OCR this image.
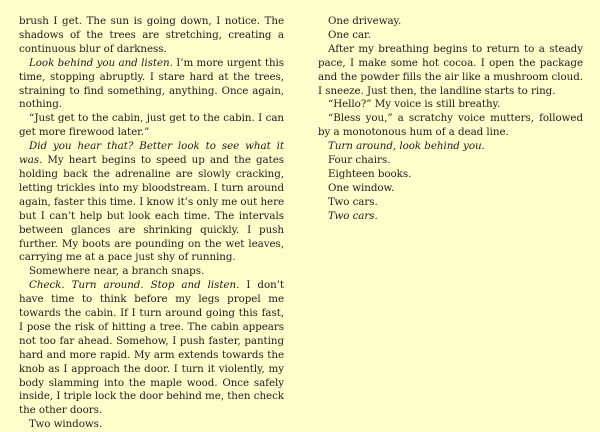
brush I get. The sun is going down, I notice. The shadows of the trees are stretching, creating a continuous blur of darkness.

Look behind you and listen. I’m more urgent this time, stopping abruptly. I stare hard at the trees, straining to find something, anything. Once again, nothing.

“Just get to the cabin, just get to the cabin. I can get more firewood later.”

Did you hear that? Better look to see what it was. My heart begins to speed up and the gates holding back the adrenaline are slowly cracking, letting trickles into my bloodstream. I turn around again, faster this time. I know it’s only me out here but I can’t help but look each time. The intervals between glances are shrinking quickly. I push further. My boots are pounding on the wet leaves, carrying me at a pace just shy of running.

Somewhere near, a branch snaps.

Check. Turn around. Stop and listen. I don’t have time to think before my legs propel me towards the cabin. If I turn around going this fast, I pose the risk of hitting a tree. The cabin appears not too far ahead. Somehow, I push faster, panting hard and more rapid. My arm extends towards the knob as I approach the door. I turn it violently, my body slamming into the maple wood. Once safely inside, I triple lock the door behind me, then check the other doors.

Two windows.

One driveway.

One car.

After my breathing begins to return to a steady pace, I make some hot cocoa. I open the package and the powder fills the air like a mushroom cloud. I sneeze. Just then, the landline starts to ring.

“Hello?” My voice is still breathy.

“Bless you,” a scratchy voice mutters, followed by a monotonous hum of a dead line.

Turn around, look behind you.

Four chairs.

Eighteen books.

One window.

Two cars.

Two cars.
